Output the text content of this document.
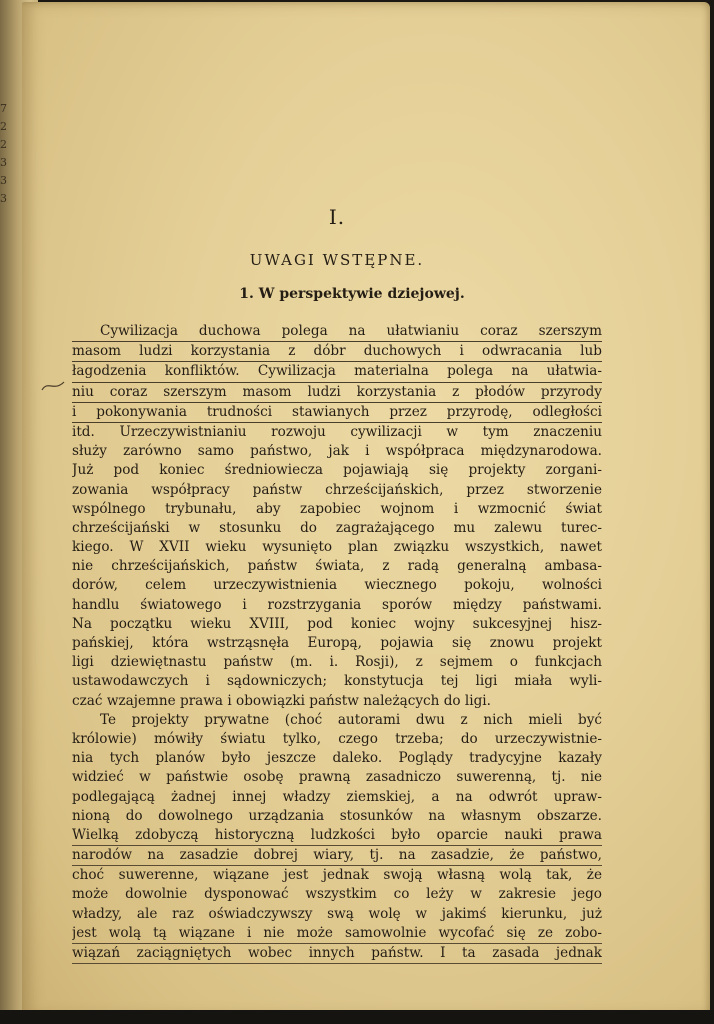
7
2
2
3
3
3
I.
UWAGI WSTĘPNE.
1. W perspektywie dziejowej.
Cywilizacja duchowa polega na ułatwianiu coraz szerszym
masom ludzi korzystania z dóbr duchowych i odwracania lub
łagodzenia konfliktów. Cywilizacja materialna polega na ułatwia-
niu coraz szerszym masom ludzi korzystania z płodów przyrody
i pokonywania trudności stawianych przez przyrodę, odległości
itd. Urzeczywistnianiu rozwoju cywilizacji w tym znaczeniu
służy zarówno samo państwo, jak i współpraca międzynarodowa.
Już pod koniec średniowiecza pojawiają się projekty zorgani-
zowania współpracy państw chrześcijańskich, przez stworzenie
wspólnego trybunału, aby zapobiec wojnom i wzmocnić świat
chrześcijański w stosunku do zagrażającego mu zalewu turec-
kiego. W XVII wieku wysunięto plan związku wszystkich, nawet
nie chrześcijańskich, państw świata, z radą generalną ambasa-
dorów, celem urzeczywistnienia wiecznego pokoju, wolności
handlu światowego i rozstrzygania sporów między państwami.
Na początku wieku XVIII, pod koniec wojny sukcesyjnej hisz-
pańskiej, która wstrząsnęła Europą, pojawia się znowu projekt
ligi dziewiętnastu państw (m. i. Rosji), z sejmem o funkcjach
ustawodawczych i sądowniczych; konstytucja tej ligi miała wyli-
czać wzajemne prawa i obowiązki państw należących do ligi.
Te projekty prywatne (choć autorami dwu z nich mieli być
królowie) mówiły światu tylko, czego trzeba; do urzeczywistnie-
nia tych planów było jeszcze daleko. Poglądy tradycyjne kazały
widzieć w państwie osobę prawną zasadniczo suwerenną, tj. nie
podlegającą żadnej innej władzy ziemskiej, a na odwrót upraw-
nioną do dowolnego urządzania stosunków na własnym obszarze.
Wielką zdobyczą historyczną ludzkości było oparcie nauki prawa
narodów na zasadzie dobrej wiary, tj. na zasadzie, że państwo,
choć suwerenne, wiązane jest jednak swoją własną wolą tak, że
może dowolnie dysponować wszystkim co leży w zakresie jego
władzy, ale raz oświadczywszy swą wolę w jakimś kierunku, już
jest wolą tą wiązane i nie może samowolnie wycofać się ze zobo-
wiązań zaciągniętych wobec innych państw. I ta zasada jednak
